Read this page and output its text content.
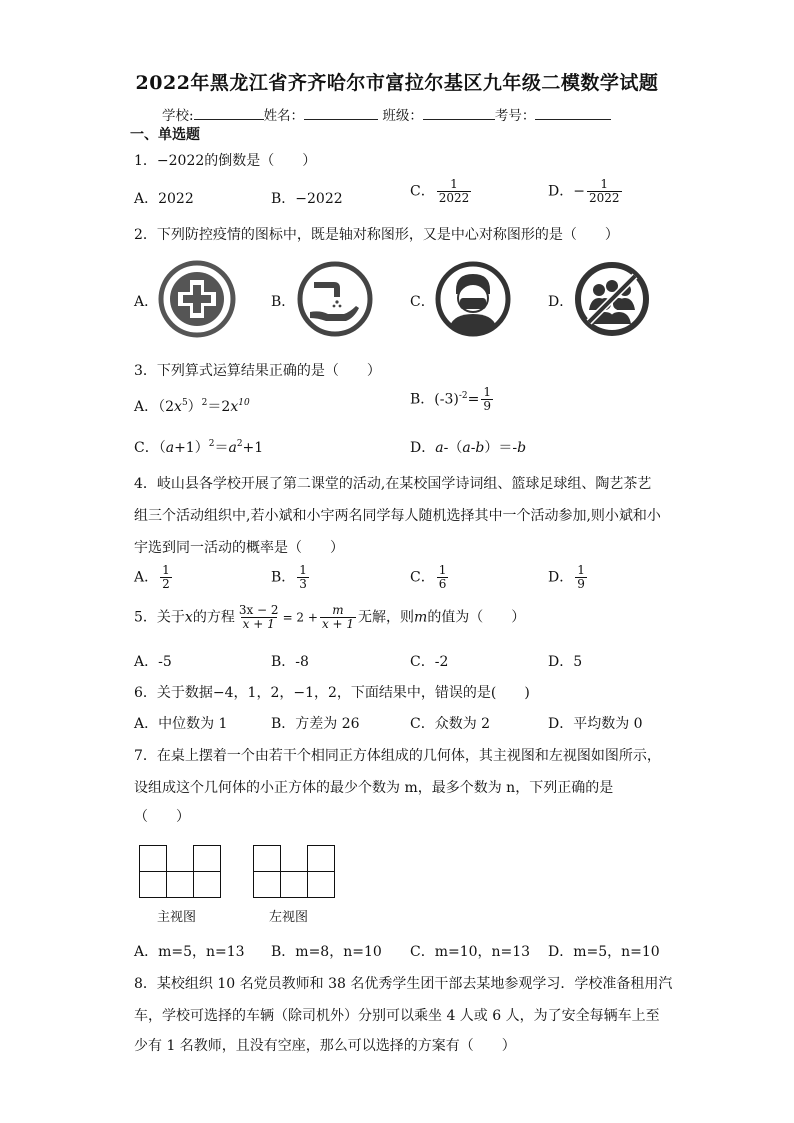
2022年黑龙江省齐齐哈尔市富拉尔基区九年级二模数学试题
学校:	姓名：	班级：	考号：
一、单选题
1．−2022的倒数是（　　）
A．2022	B．−2022	C． $\frac{1}{2022}$	D．− $\frac{1}{2022}$
2．下列防控疫情的图标中，既是轴对称图形，又是中心对称图形的是（　　）
A．	B．	C．	D．
3．下列算式运算结果正确的是（　　）
A．$(2x^5)^2=2x^{10}$	B．$(-3)^{-2}= \frac{1}{9}$
C．$(a+1)^2=a^2+1$	D．a-（a-b）＝-b
4．岐山县各学校开展了第二课堂的活动,在某校国学诗词组、篮球足球组、陶艺茶艺
组三个活动组织中,若小斌和小宇两名同学每人随机选择其中一个活动参加,则小斌和小
宇选到同一活动的概率是（　　）
A． $\frac{1}{2}$	B． $\frac{1}{3}$	C． $\frac{1}{6}$	D． $\frac{1}{9}$
5．关于x的方程 $\frac{3x - 2}{x + 1} = 2 + \frac{m}{x + 1}$ 无解，则m的值为（　　）
A．-5	B．-8	C．-2	D．5
6．关于数据−4，1，2，−1，2，下面结果中，错误的是(　　)
A．中位数为 1	B．方差为 26	C．众数为 2	D．平均数为 0
7．在桌上摆着一个由若干个相同正方体组成的几何体，其主视图和左视图如图所示，
设组成这个几何体的小正方体的最少个数为 m，最多个数为 n，下列正确的是
（　　）
主视图	左视图
A．m=5，n=13 B．m=8，n=10 C．m=10，n=13 D．m=5，n=10
8．某校组织 10 名党员教师和 38 名优秀学生团干部去某地参观学习．学校准备租用汽
车，学校可选择的车辆（除司机外）分别可以乘坐 4 人或 6 人，为了安全每辆车上至
少有 1 名教师，且没有空座，那么可以选择的方案有（　　）
